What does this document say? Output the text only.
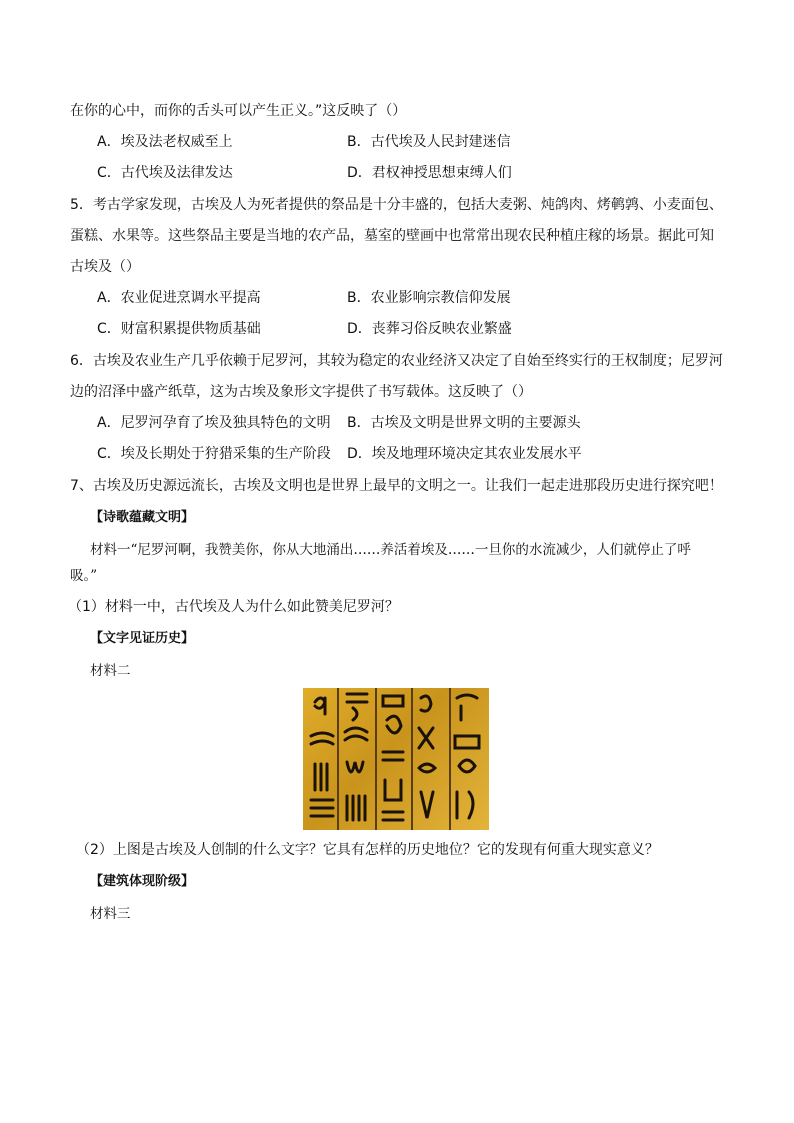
在你的心中，而你的舌头可以产生正义。”这反映了（）
A．埃及法老权威至上	B．古代埃及人民封建迷信
C．古代埃及法律发达	D．君权神授思想束缚人们
5．考古学家发现，古埃及人为死者提供的祭品是十分丰盛的，包括大麦粥、炖鸽肉、烤鹌鹑、小麦面包、
蛋糕、水果等。这些祭品主要是当地的农产品，墓室的壁画中也常常出现农民种植庄稼的场景。据此可知
古埃及（）
A．农业促进烹调水平提高	B．农业影响宗教信仰发展
C．财富积累提供物质基础	D．丧葬习俗反映农业繁盛
6．古埃及农业生产几乎依赖于尼罗河，其较为稳定的农业经济又决定了自始至终实行的王权制度；尼罗河
边的沼泽中盛产纸草，这为古埃及象形文字提供了书写载体。这反映了（）
A．尼罗河孕育了埃及独具特色的文明 B．古埃及文明是世界文明的主要源头
C．埃及长期处于狩猎采集的生产阶段 D．埃及地理环境决定其农业发展水平
7、古埃及历史源远流长，古埃及文明也是世界上最早的文明之一。让我们一起走进那段历史进行探究吧！
【诗歌蕴藏文明】
材料一“尼罗河啊，我赞美你，你从大地涌出……养活着埃及……一旦你的水流减少，人们就停止了呼
吸。”
（1）材料一中，古代埃及人为什么如此赞美尼罗河？
【文字见证历史】
材料二
（2）上图是古埃及人创制的什么文字？它具有怎样的历史地位？它的发现有何重大现实意义？
【建筑体现阶级】
材料三
